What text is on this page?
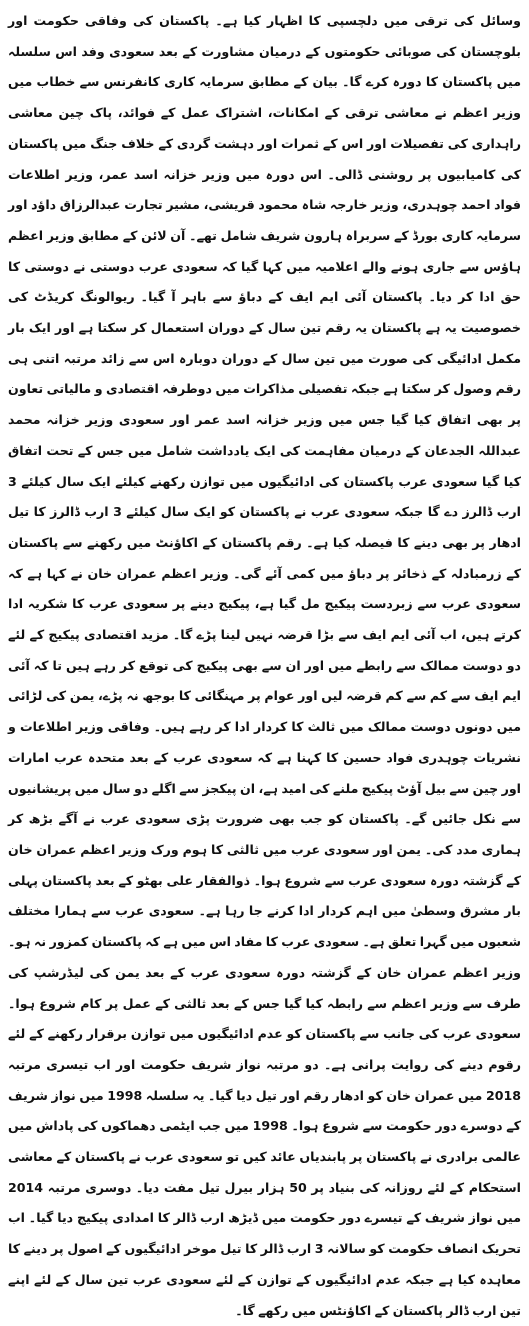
وسائل کی ترقی میں دلچسپی کا اظہار کیا ہے۔ پاکستان کی وفاقی حکومت اور بلوچستان کی صوبائی حکومتوں کے درمیان مشاورت کے بعد سعودی وفد اس سلسلہ میں پاکستان کا دورہ کرے گا۔ بیان کے مطابق سرمایہ کاری کانفرنس سے خطاب میں وزیر اعظم نے معاشی ترقی کے امکانات، اشتراک عمل کے فوائد، پاک چین معاشی راہداری کی تفصیلات اور اس کے ثمرات اور دہشت گردی کے خلاف جنگ میں پاکستان کی کامیابیوں پر روشنی ڈالی۔ اس دورہ میں وزیر خزانہ اسد عمر، وزیر اطلاعات فواد احمد چوہدری، وزیر خارجہ شاہ محمود قریشی، مشیر تجارت عبدالرزاق داؤد اور سرمایہ کاری بورڈ کے سربراہ ہارون شریف شامل تھے۔ آن لائن کے مطابق وزیر اعظم ہاؤس سے جاری ہونے والے اعلامیہ میں کہا گیا کہ سعودی عرب دوستی نے دوستی کا حق ادا کر دیا۔ پاکستان آئی ایم ایف کے دباؤ سے باہر آ گیا۔ ریوالونگ کریڈٹ کی خصوصیت یہ ہے پاکستان یہ رقم تین سال کے دوران استعمال کر سکتا ہے اور ایک بار مکمل ادائیگی کی صورت میں تین سال کے دوران دوبارہ اس سے زائد مرتبہ اتنی ہی رقم وصول کر سکتا ہے جبکہ تفصیلی مذاکرات میں دوطرفہ اقتصادی و مالیاتی تعاون پر بھی اتفاق کیا گیا جس میں وزیر خزانہ اسد عمر اور سعودی وزیر خزانہ محمد عبداللہ الجدعان کے درمیان مفاہمت کی ایک یادداشت شامل میں جس کے تحت اتفاق کیا گیا سعودی عرب پاکستان کی ادائیگیوں میں توازن رکھنے کیلئے ایک سال کیلئے 3 ارب ڈالرز دے گا جبکہ سعودی عرب نے پاکستان کو ایک سال کیلئے 3 ارب ڈالرز کا تیل ادھار پر بھی دینے کا فیصلہ کیا ہے۔ رقم پاکستان کے اکاؤنٹ میں رکھنے سے پاکستان کے زرمبادلہ کے ذخائر پر دباؤ میں کمی آئے گی۔ وزیر اعظم عمران خان نے کہا ہے کہ سعودی عرب سے زبردست پیکیج مل گیا ہے، پیکیج دینے پر سعودی عرب کا شکریہ ادا کرتے ہیں، اب آئی ایم ایف سے بڑا قرضہ نہیں لینا پڑے گا۔ مزید اقتصادی پیکیج کے لئے دو دوست ممالک سے رابطے میں اور ان سے بھی پیکیج کی توقع کر رہے ہیں تا کہ آئی ایم ایف سے کم سے کم قرضہ لیں اور عوام پر مہنگائی کا بوجھ نہ پڑے، یمن کی لڑائی میں دونوں دوست ممالک میں ثالث کا کردار ادا کر رہے ہیں۔ وفاقی وزیر اطلاعات و نشریات چوہدری فواد حسین کا کہنا ہے کہ سعودی عرب کے بعد متحدہ عرب امارات اور چین سے بیل آؤٹ پیکیج ملنے کی امید ہے، ان پیکجز سے اگلے دو سال میں پریشانیوں سے نکل جائیں گے۔ پاکستان کو جب بھی ضرورت پڑی سعودی عرب نے آگے بڑھ کر ہماری مدد کی۔ یمن اور سعودی عرب میں ثالثی کا ہوم ورک وزیر اعظم عمران خان کے گزشتہ دورہ سعودی عرب سے شروع ہوا۔ ذوالفقار علی بھٹو کے بعد پاکستان پہلی بار مشرق وسطیٰ میں اہم کردار ادا کرنے جا رہا ہے۔ سعودی عرب سے ہمارا مختلف شعبوں میں گہرا تعلق ہے۔ سعودی عرب کا مفاد اس میں ہے کہ پاکستان کمزور نہ ہو۔ وزیر اعظم عمران خان کے گزشتہ دورہ سعودی عرب کے بعد یمن کی لیڈرشپ کی طرف سے وزیر اعظم سے رابطہ کیا گیا جس کے بعد ثالثی کے عمل پر کام شروع ہوا۔ سعودی عرب کی جانب سے پاکستان کو عدم ادائیگیوں میں توازن برقرار رکھنے کے لئے رقوم دینے کی روایت پرانی ہے۔ دو مرتبہ نواز شریف حکومت اور اب تیسری مرتبہ 2018 میں عمران خان کو ادھار رقم اور تیل دیا گیا۔ یہ سلسلہ 1998 میں نواز شریف کے دوسرے دور حکومت سے شروع ہوا۔ 1998 میں جب ایٹمی دھماکوں کی پاداش میں عالمی برادری نے پاکستان پر پابندیاں عائد کیں تو سعودی عرب نے پاکستان کے معاشی استحکام کے لئے روزانہ کی بنیاد پر 50 ہزار بیرل تیل مفت دیا۔ دوسری مرتبہ 2014 میں نواز شریف کے تیسرے دور حکومت میں ڈیڑھ ارب ڈالر کا امدادی پیکیج دیا گیا۔ اب تحریک انصاف حکومت کو سالانہ 3 ارب ڈالر کا تیل موخر ادائیگیوں کے اصول پر دینے کا معاہدہ کیا ہے جبکہ عدم ادائیگیوں کے توازن کے لئے سعودی عرب تین سال کے لئے اپنے تین ارب ڈالر پاکستان کے اکاؤنٹس میں رکھے گا۔
